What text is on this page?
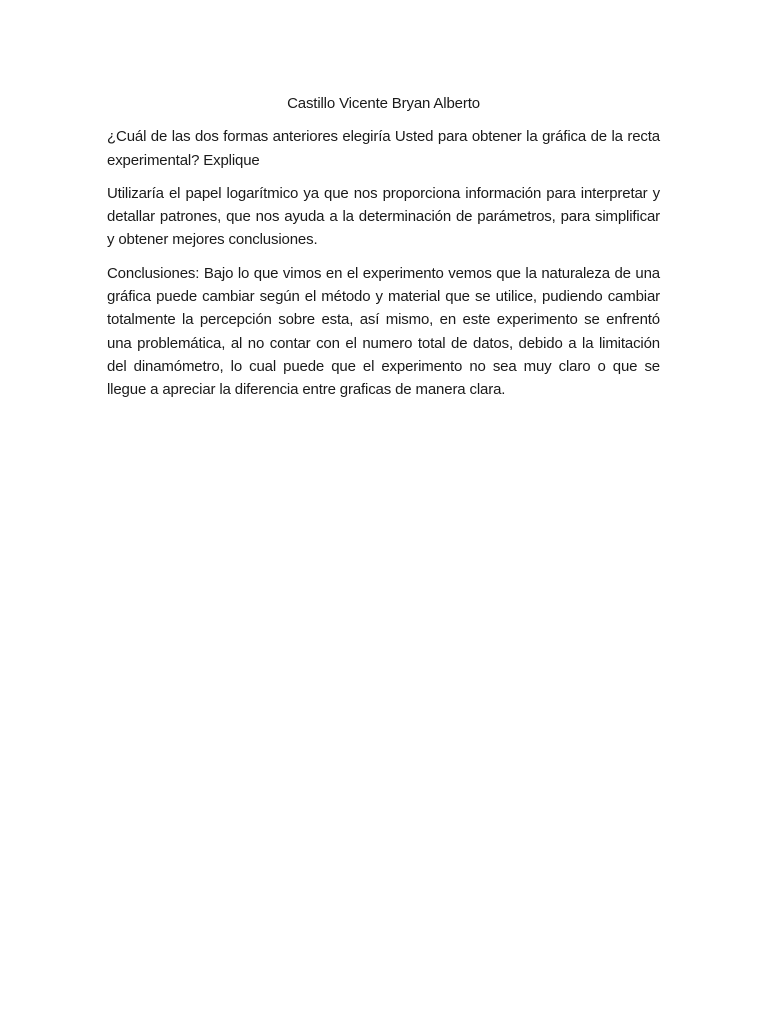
Castillo Vicente Bryan Alberto

¿Cuál de las dos formas anteriores elegiría Usted para obtener la gráfica de la recta experimental? Explique

Utilizaría el papel logarítmico ya que nos proporciona información para interpretar y detallar patrones, que nos ayuda a la determinación de parámetros, para simplificar y obtener mejores conclusiones.

Conclusiones: Bajo lo que vimos en el experimento vemos que la naturaleza de una gráfica puede cambiar según el método y material que se utilice, pudiendo cambiar totalmente la percepción sobre esta, así mismo, en este experimento se enfrentó una problemática, al no contar con el numero total de datos, debido a la limitación del dinamómetro, lo cual puede que el experimento no sea muy claro o que se llegue a apreciar la diferencia entre graficas de manera clara.
